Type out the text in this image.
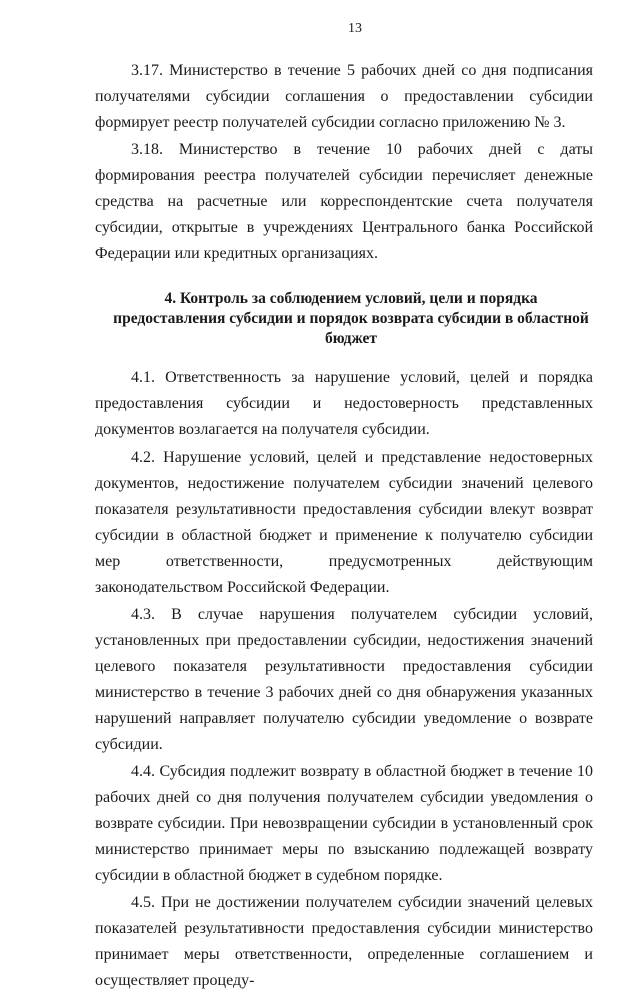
13

3.17. Министерство в течение 5 рабочих дней со дня подписания получателями субсидии соглашения о предоставлении субсидии формирует реестр получателей субсидии согласно приложению № 3.

3.18. Министерство в течение 10 рабочих дней с даты формирования реестра получателей субсидии перечисляет денежные средства на расчетные или корреспондентские счета получателя субсидии, открытые в учреждениях Центрального банка Российской Федерации или кредитных организациях.

4. Контроль за соблюдением условий, цели и порядка предоставления субсидии и порядок возврата субсидии в областной бюджет

4.1. Ответственность за нарушение условий, целей и порядка предоставления субсидии и недостоверность представленных документов возлагается на получателя субсидии.

4.2. Нарушение условий, целей и представление недостоверных документов, недостижение получателем субсидии значений целевого показателя результативности предоставления субсидии влекут возврат субсидии в областной бюджет и применение к получателю субсидии мер ответственности, предусмотренных действующим законодательством Российской Федерации.

4.3. В случае нарушения получателем субсидии условий, установленных при предоставлении субсидии, недостижения значений целевого показателя результативности предоставления субсидии министерство в течение 3 рабочих дней со дня обнаружения указанных нарушений направляет получателю субсидии уведомление о возврате субсидии.

4.4. Субсидия подлежит возврату в областной бюджет в течение 10 рабочих дней со дня получения получателем субсидии уведомления о возврате субсидии. При невозвращении субсидии в установленный срок министерство принимает меры по взысканию подлежащей возврату субсидии в областной бюджет в судебном порядке.

4.5. При не достижении получателем субсидии значений целевых показателей результативности предоставления субсидии министерство принимает меры ответственности, определенные соглашением и осуществляет процеду-
